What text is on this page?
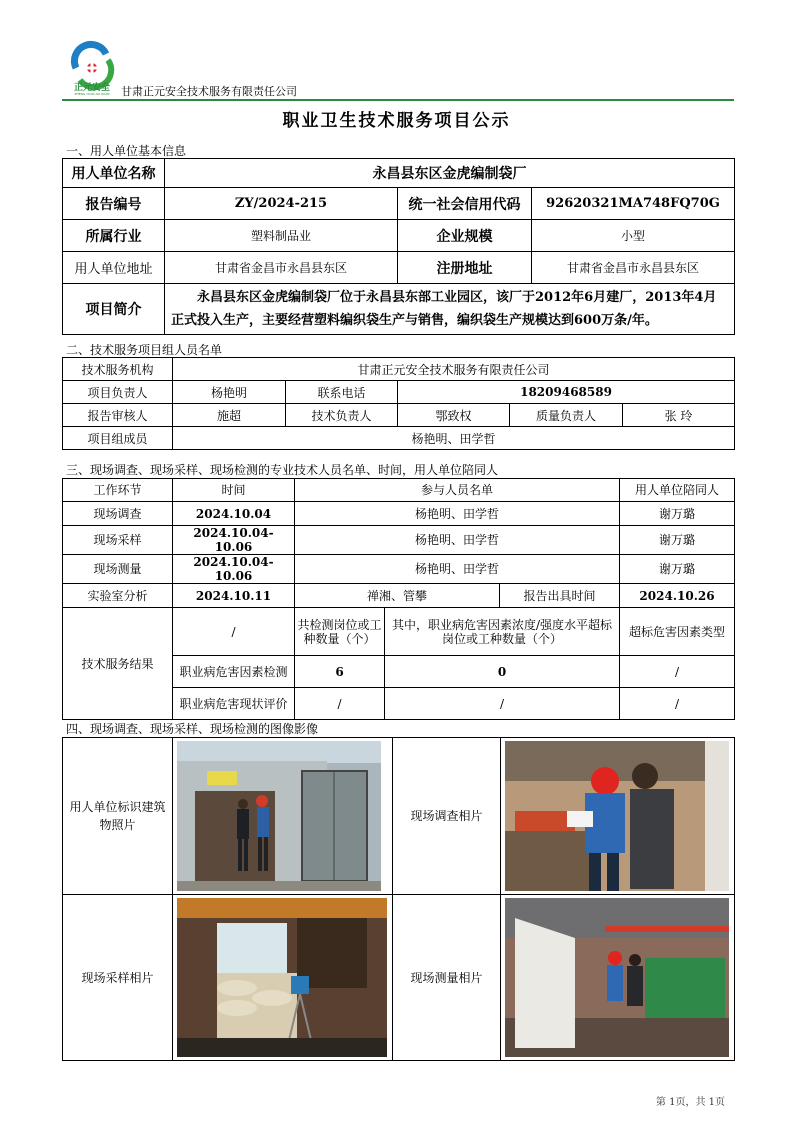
正元安全
ZHENG YUAN AN QUAN 甘肃正元安全技术服务有限责任公司
职业卫生技术服务项目公示
一、用人单位基本信息
用人单位名称	永昌县东区金虎编制袋厂		
报告编号	ZY/2024-215	统一社会信用代码	92620321MA748FQ70G
所属行业	塑料制品业	企业规模	小型
用人单位地址	甘肃省金昌市永昌县东区	注册地址	甘肃省金昌市永昌县东区
项目简介	永昌县东区金虎编制袋厂位于永昌县东部工业园区，该厂于2012年6月建厂，2013年4月正式投入生产，主要经营塑料编织袋生产与销售，编织袋生产规模达到600万条/年。		
二、技术服务项目组人员名单
技术服务机构	甘肃正元安全技术服务有限责任公司				
项目负责人	杨艳明	联系电话	18209468589		
报告审核人	施超	技术负责人	鄂致权	质量负责人	张 玲
项目组成员	杨艳明、田学哲				
三、现场调查、现场采样、现场检测的专业技术人员名单、时间，用人单位陪同人
工作环节	时间	参与人员名单			用人单位陪同人
现场调查	2024.10.04	杨艳明、田学哲			谢万璐
现场采样	2024.10.04-10.06	杨艳明、田学哲			谢万璐
现场测量	2024.10.04-10.06	杨艳明、田学哲			谢万璐
实验室分析	2024.10.11	禅湘、管攀		报告出具时间	2024.10.26
技术服务结果	/	共检测岗位或工种数量（个）	其中，职业病危害因素浓度/强度水平超标岗位或工种数量（个）		超标危害因素类型
	职业病危害因素检测	6	0		/
	职业病危害现状评价	/	/		/
四、现场调查、现场采样、现场检测的图像影像
用人单位标识建筑物照片		现场调查相片	

现场采样相片		现场测量相片	
第 1页，共 1页
